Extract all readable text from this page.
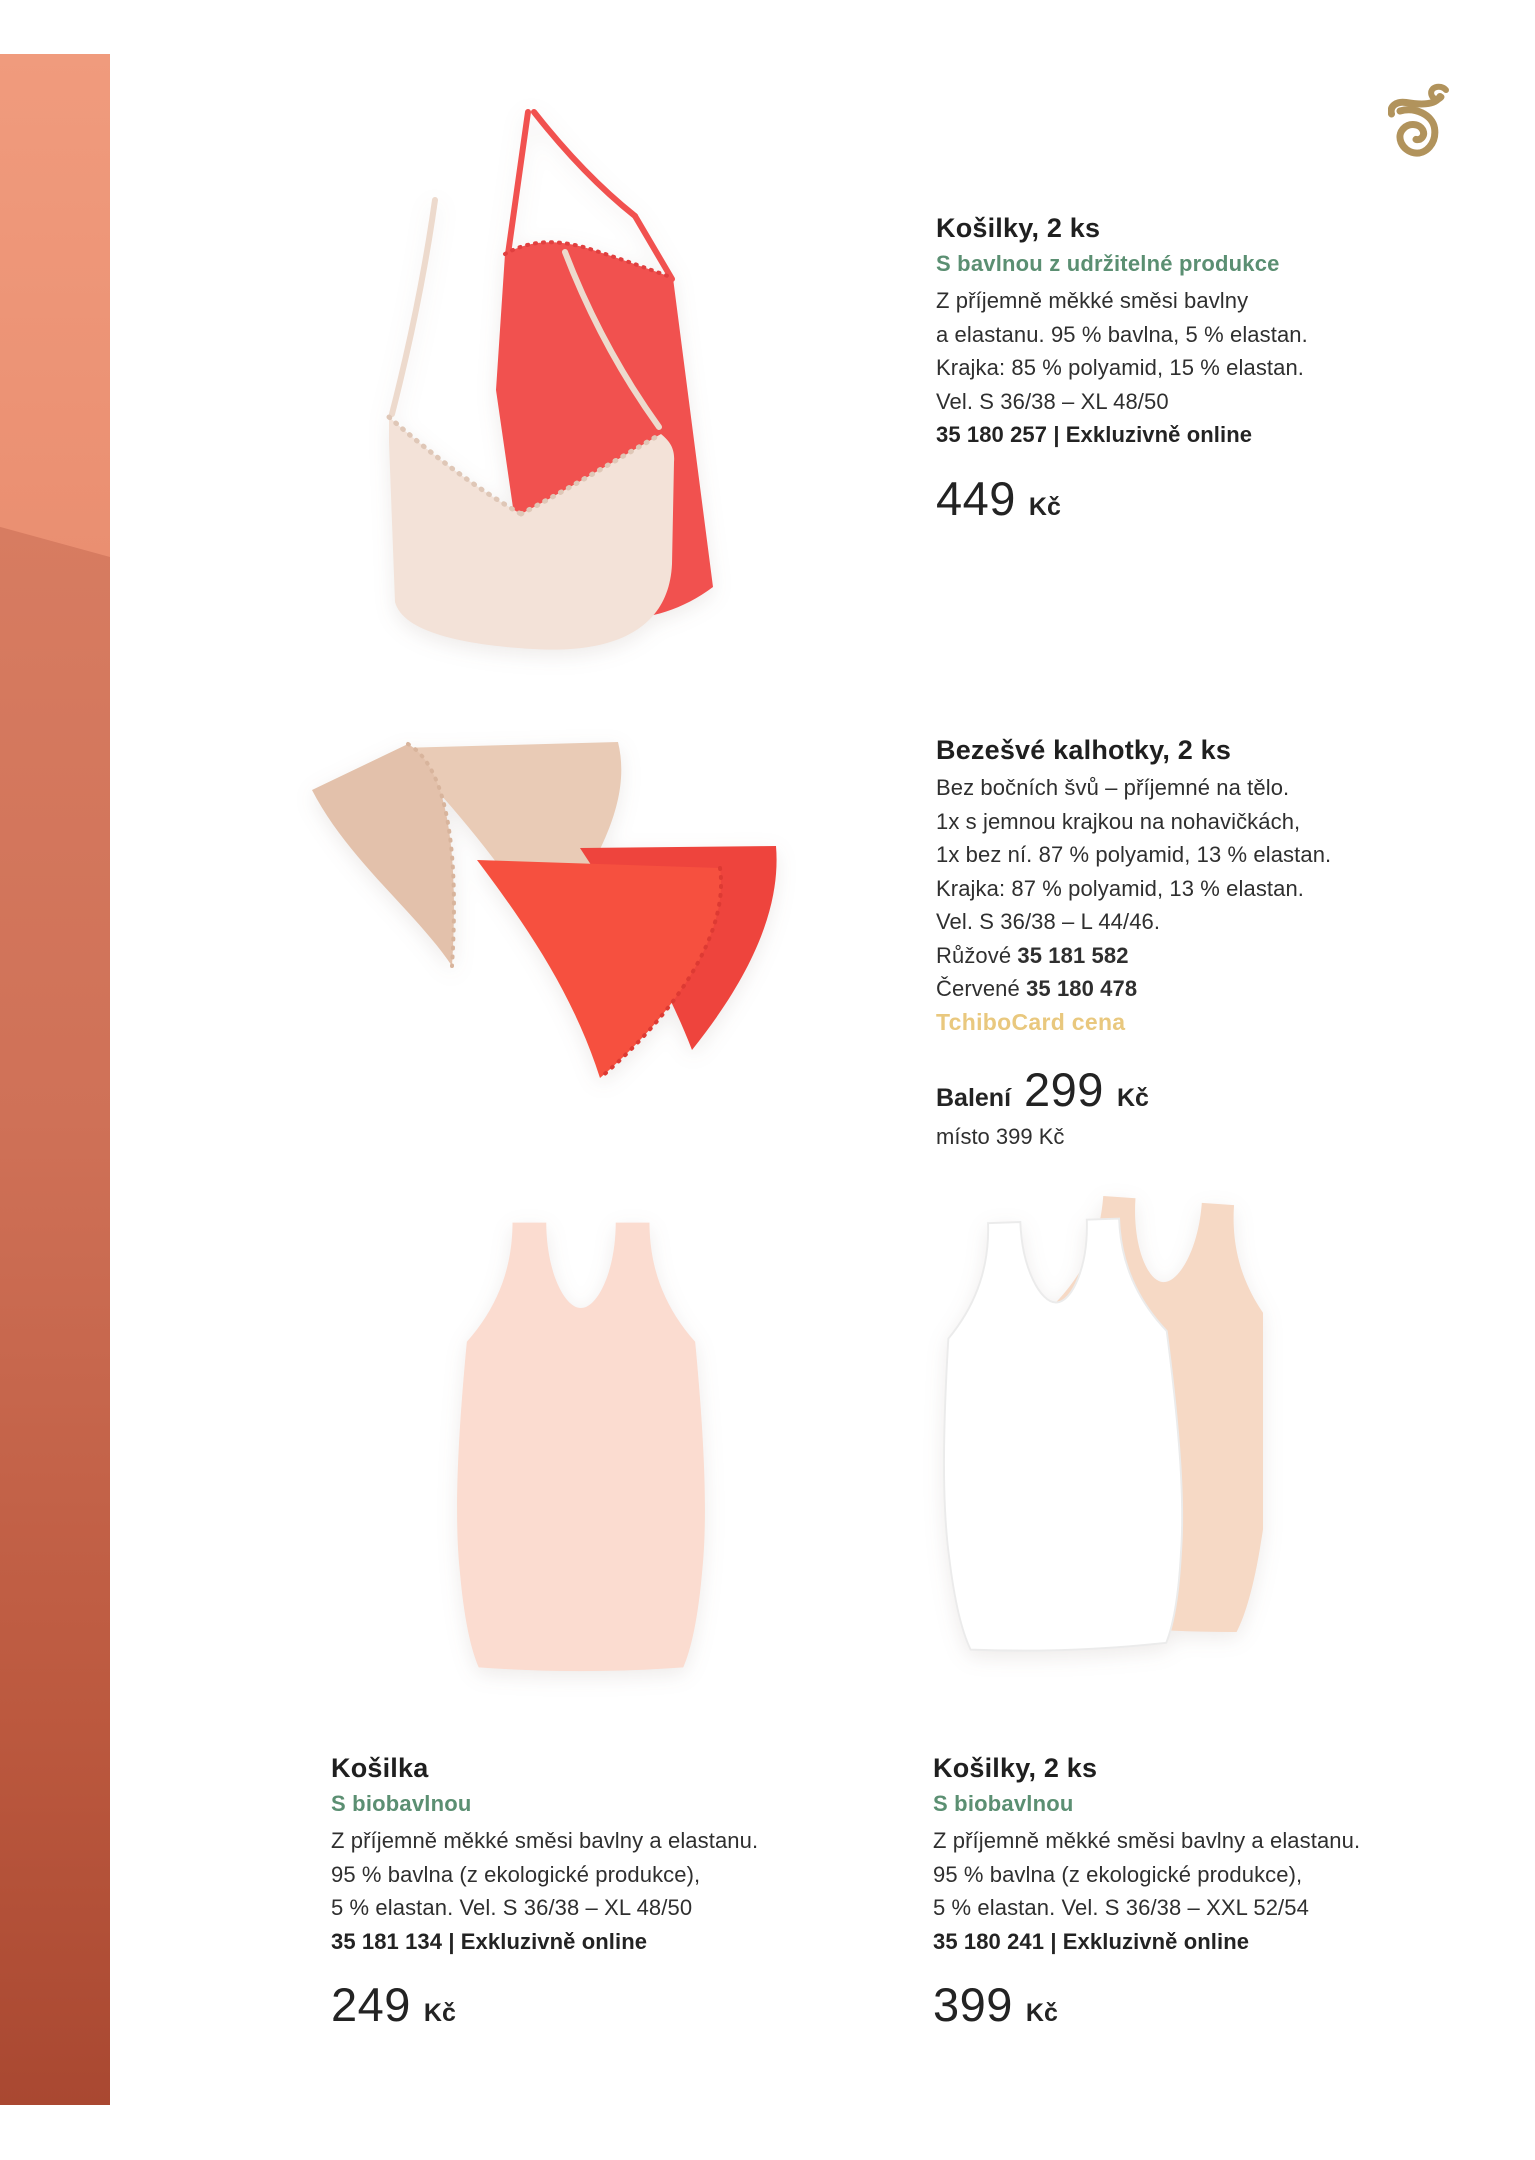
Košilky, 2 ks
S bavlnou z udržitelné produkce
Z příjemně měkké směsi bavlny
a elastanu. 95 % bavlna, 5 % elastan.
Krajka: 85 % polyamid, 15 % elastan.
Vel. S 36/38 – XL 48/50
35 180 257 | Exkluzivně online
449 Kč
Bezešvé kalhotky, 2 ks
Bez bočních švů – příjemné na tělo.
1x s jemnou krajkou na nohavičkách,
1x bez ní. 87 % polyamid, 13 % elastan.
Krajka: 87 % polyamid, 13 % elastan.
Vel. S 36/38 – L 44/46.
Růžové 35 181 582
Červené 35 180 478
TchiboCard cena
Balení 299 Kč
místo 399 Kč
Košilka
S biobavlnou
Z příjemně měkké směsi bavlny a elastanu.
95 % bavlna (z ekologické produkce),
5 % elastan. Vel. S 36/38 – XL 48/50
35 181 134 | Exkluzivně online
249 Kč
Košilky, 2 ks
S biobavlnou
Z příjemně měkké směsi bavlny a elastanu.
95 % bavlna (z ekologické produkce),
5 % elastan. Vel. S 36/38 – XXL 52/54
35 180 241 | Exkluzivně online
399 Kč
